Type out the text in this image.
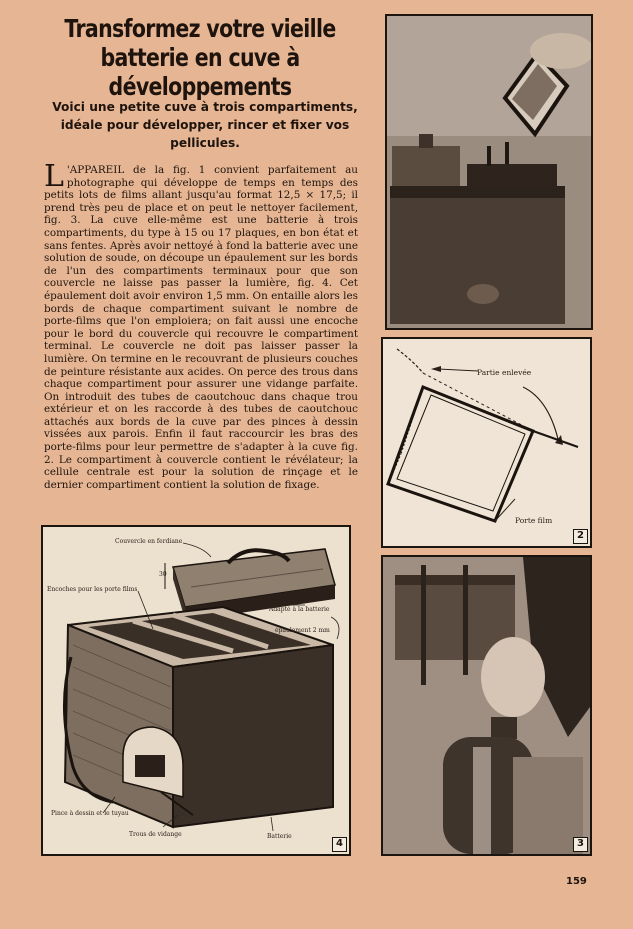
Transformez votre vieille batterie en cuve à développements
Voici une petite cuve à trois compartiments, idéale pour développer, rincer et fixer vos pellicules.
L 'APPAREIL de la fig. 1 convient parfaitement au photographe qui développe de temps en temps des petits lots de films allant jusqu'au format 12,5 × 17,5; il prend très peu de place et on peut le nettoyer facilement, fig. 3. La cuve elle-même est une batterie à trois compartiments, du type à 15 ou 17 plaques, en bon état et sans fentes. Après avoir nettoyé à fond la batterie avec une solution de soude, on découpe un épaulement sur les bords de l'un des compartiments terminaux pour que son couvercle ne laisse pas passer la lumière, fig. 4. Cet épaulement doit avoir environ 1,5 mm. On entaille alors les bords de chaque compartiment suivant le nombre de porte-films que l'on emploiera; on fait aussi une encoche pour le bord du couvercle qui recouvre le compartiment terminal. Le couvercle ne doit pas laisser passer la lumière. On termine en le recouvrant de plusieurs couches de peinture résistante aux acides. On perce des trous dans chaque compartiment pour assurer une vidange parfaite. On introduit des tubes de caoutchouc dans chaque trou extérieur et on les raccorde à des tubes de caoutchouc attachés aux bords de la cuve par des pinces à dessin vissées aux parois. Enfin il faut raccourcir les bras des porte-films pour leur permettre de s'adapter à la cuve fig. 2. Le compartiment à couvercle contient le révélateur; la cellule centrale est pour la solution de rinçage et le dernier compartiment contient la solution de fixage.
Partie enlevée
Porte film
2
3
Couvercle en ferdiane
30
Encoches pour les porte films
Adapté à la batterie
épaulement 2 mm
Pince à dessin et le tuyau
Trous de vidange	Batterie
4
159
